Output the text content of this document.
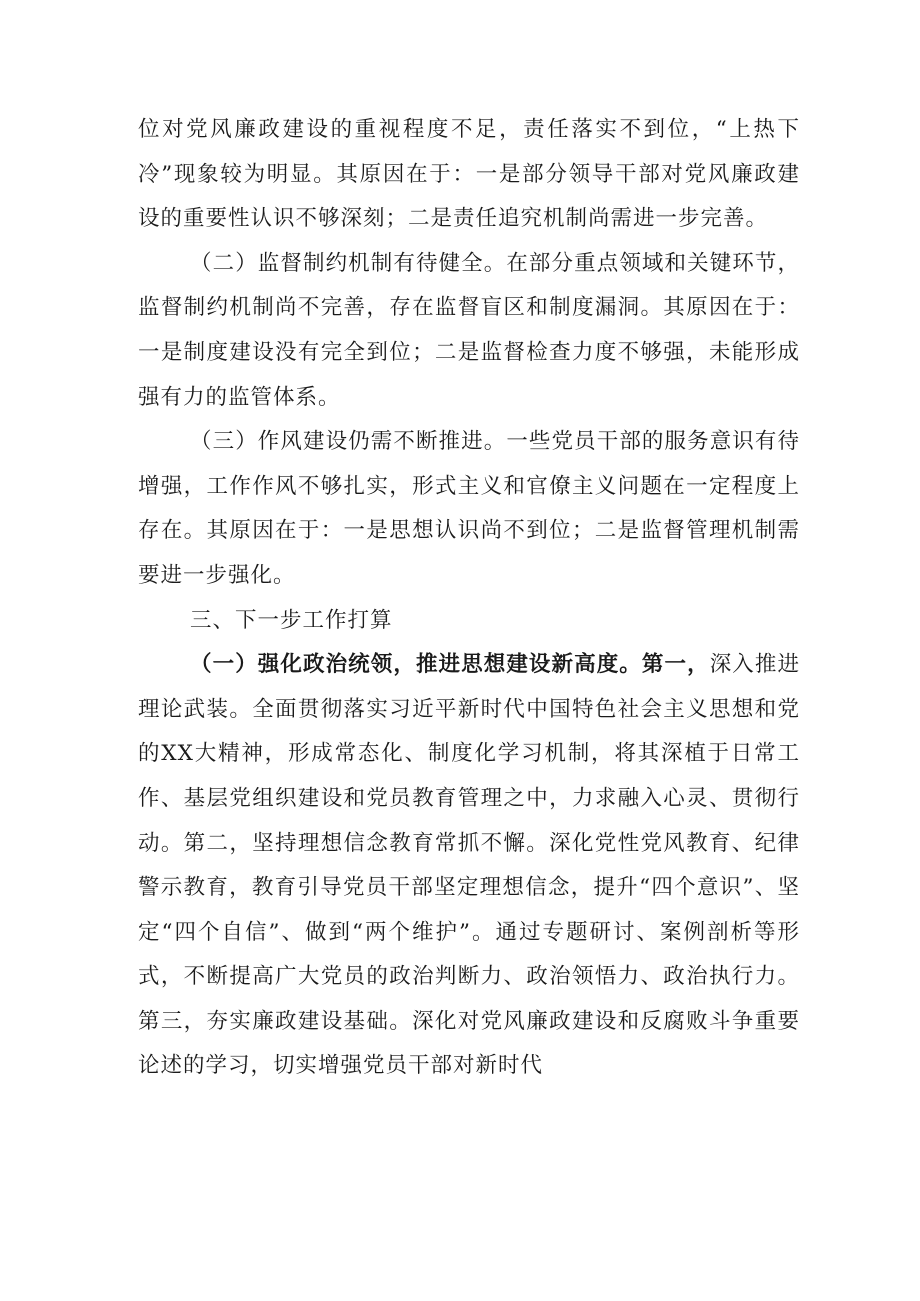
位对党风廉政建设的重视程度不足，责任落实不到位，“上热下冷”现象较为明显。其原因在于：一是部分领导干部对党风廉政建设的重要性认识不够深刻；二是责任追究机制尚需进一步完善。

（二）监督制约机制有待健全。在部分重点领域和关键环节，监督制约机制尚不完善，存在监督盲区和制度漏洞。其原因在于：一是制度建设没有完全到位；二是监督检查力度不够强，未能形成强有力的监管体系。

（三）作风建设仍需不断推进。一些党员干部的服务意识有待增强，工作作风不够扎实，形式主义和官僚主义问题在一定程度上存在。其原因在于：一是思想认识尚不到位；二是监督管理机制需要进一步强化。

三、下一步工作打算

（一）强化政治统领，推进思想建设新高度。第一，深入推进理论武装。全面贯彻落实习近平新时代中国特色社会主义思想和党的XX大精神，形成常态化、制度化学习机制，将其深植于日常工作、基层党组织建设和党员教育管理之中，力求融入心灵、贯彻行动。第二，坚持理想信念教育常抓不懈。深化党性党风教育、纪律警示教育，教育引导党员干部坚定理想信念，提升“四个意识”、坚定“四个自信”、做到“两个维护”。通过专题研讨、案例剖析等形式，不断提高广大党员的政治判断力、政治领悟力、政治执行力。第三，夯实廉政建设基础。深化对党风廉政建设和反腐败斗争重要论述的学习，切实增强党员干部对新时代
